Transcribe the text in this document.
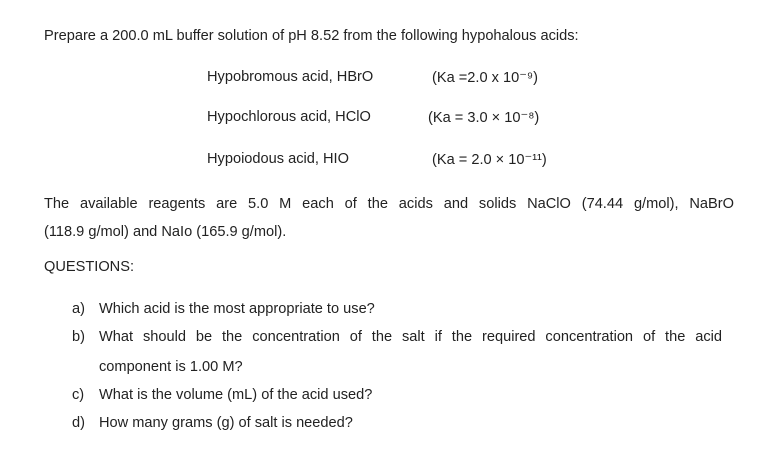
Prepare a 200.0 mL buffer solution of pH 8.52 from the following hypohalous acids:
Hypobromous acid, HBrO	(Ka =2.0 x 10⁻⁹)
Hypochlorous acid, HClO	(Ka = 3.0 × 10⁻⁸)
Hypoiodous acid, HIO	(Ka = 2.0 × 10⁻¹¹)
The available reagents are 5.0 M each of the acids and solids NaClO (74.44 g/mol), NaBrO
(118.9 g/mol) and NaIo (165.9 g/mol).
QUESTIONS:
a) Which acid is the most appropriate to use?
b) What should be the concentration of the salt if the required concentration of the acid
component is 1.00 M?
c) What is the volume (mL) of the acid used?
d) How many grams (g) of salt is needed?
